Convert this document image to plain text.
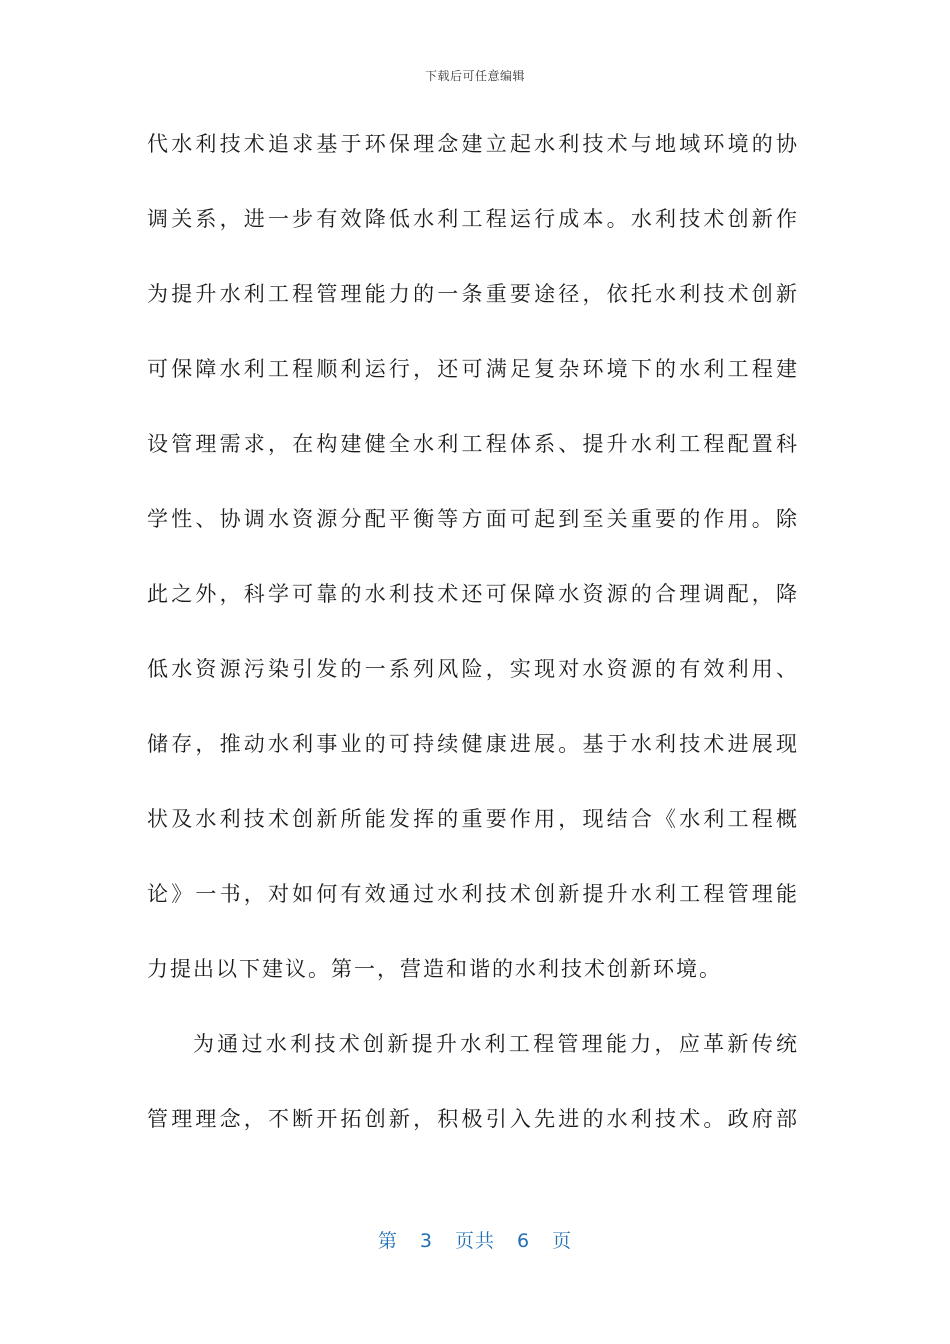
下载后可任意编辑
代水利技术追求基于环保理念建立起水利技术与地域环境的协
调关系，进一步有效降低水利工程运行成本。水利技术创新作
为提升水利工程管理能力的一条重要途径，依托水利技术创新
可保障水利工程顺利运行，还可满足复杂环境下的水利工程建
设管理需求，在构建健全水利工程体系、提升水利工程配置科
学性、协调水资源分配平衡等方面可起到至关重要的作用。除
此之外，科学可靠的水利技术还可保障水资源的合理调配，降
低水资源污染引发的一系列风险，实现对水资源的有效利用、
储存，推动水利事业的可持续健康进展。基于水利技术进展现
状及水利技术创新所能发挥的重要作用，现结合《水利工程概
论》一书，对如何有效通过水利技术创新提升水利工程管理能
力提出以下建议。第一，营造和谐的水利技术创新环境。
为通过水利技术创新提升水利工程管理能力，应革新传统
管理理念，不断开拓创新，积极引入先进的水利技术。政府部
第 3 页共 6 页
